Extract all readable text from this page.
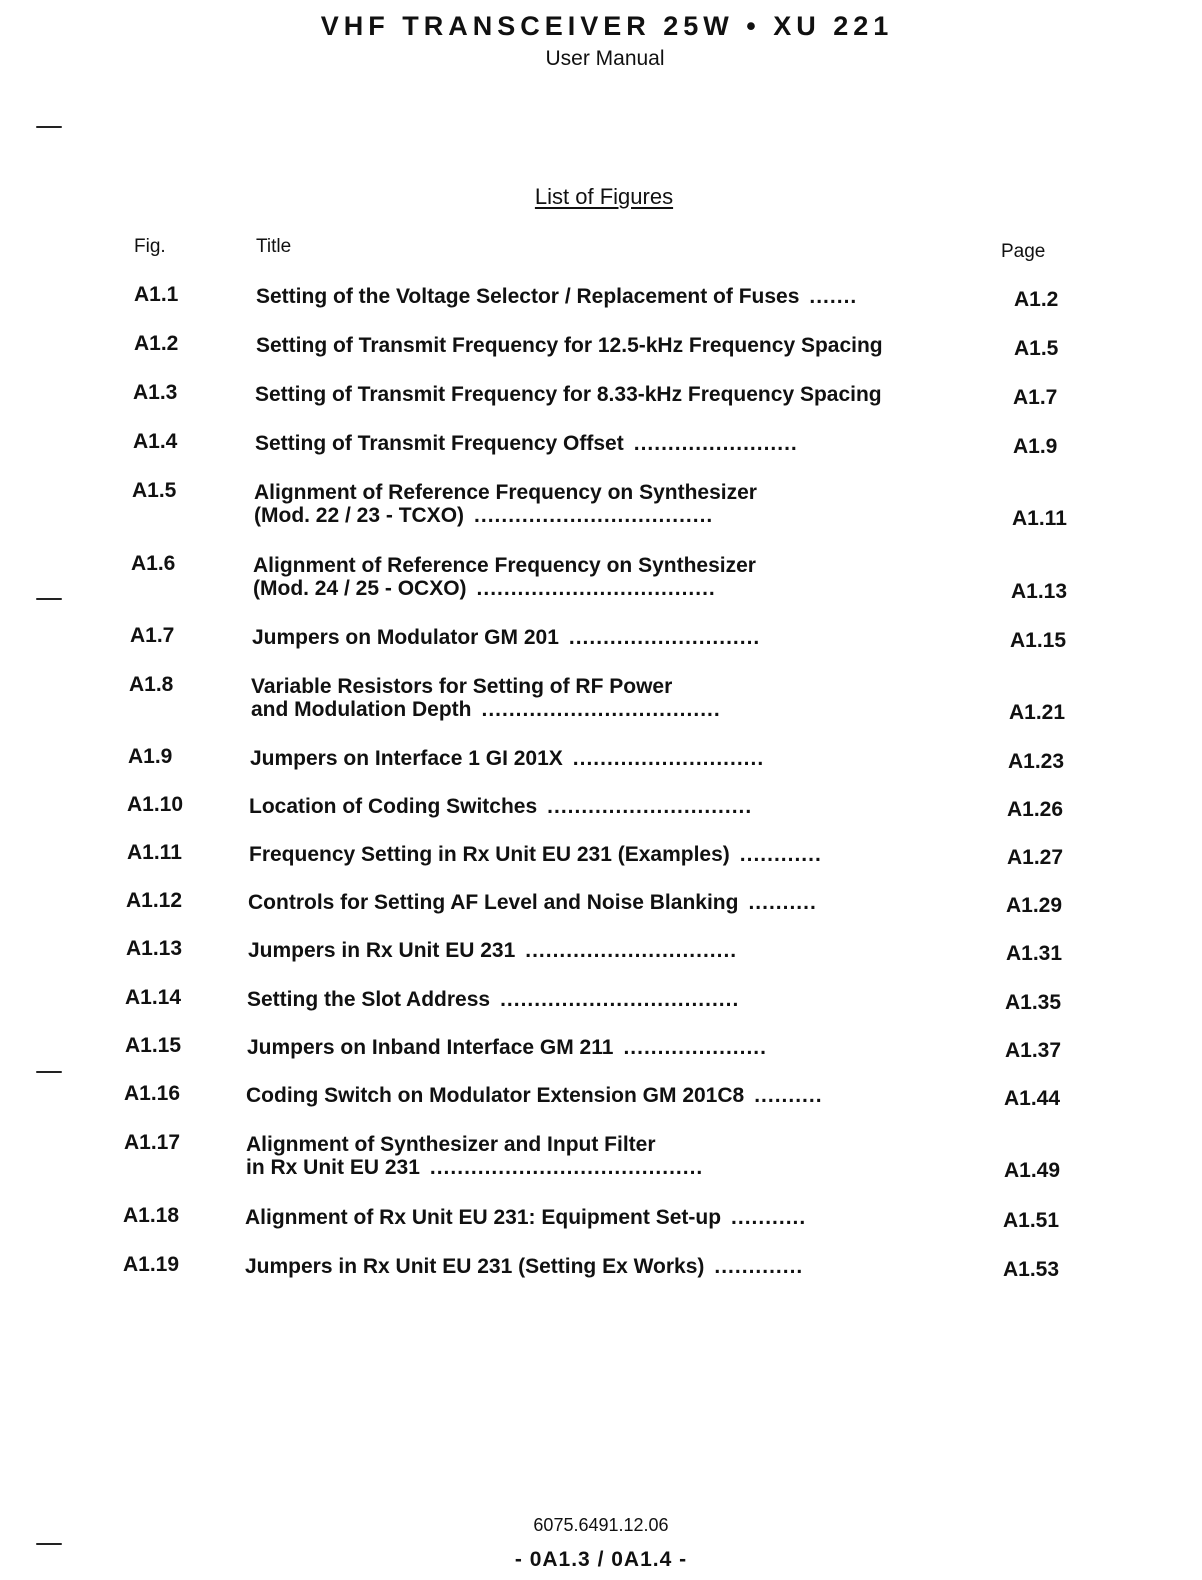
VHF TRANSCEIVER 25W • XU 221
User Manual
List of Figures
Fig.	Title	Page
A1.1	Setting of the Voltage Selector / Replacement of Fuses .......	A1.2
A1.2	Setting of Transmit Frequency for 12.5-kHz Frequency Spacing	A1.5
A1.3	Setting of Transmit Frequency for 8.33-kHz Frequency Spacing	A1.7
A1.4	Setting of Transmit Frequency Offset ........................	A1.9
A1.5	Alignment of Reference Frequency on Synthesizer
(Mod. 22 / 23 - TCXO) ...................................	A1.11
A1.6	Alignment of Reference Frequency on Synthesizer
(Mod. 24 / 25 - OCXO) ...................................	A1.13
A1.7	Jumpers on Modulator GM 201 ............................	A1.15
A1.8	Variable Resistors for Setting of RF Power
and Modulation Depth ...................................	A1.21
A1.9	Jumpers on Interface 1 GI 201X ............................	A1.23
A1.10	Location of Coding Switches ..............................	A1.26
A1.11	Frequency Setting in Rx Unit EU 231 (Examples) ............	A1.27
A1.12	Controls for Setting AF Level and Noise Blanking ..........	A1.29
A1.13	Jumpers in Rx Unit EU 231 ...............................	A1.31
A1.14	Setting the Slot Address ...................................	A1.35
A1.15	Jumpers on Inband Interface GM 211 .....................	A1.37
A1.16	Coding Switch on Modulator Extension GM 201C8 ..........	A1.44
A1.17	Alignment of Synthesizer and Input Filter
in Rx Unit EU 231 ........................................	A1.49
A1.18	Alignment of Rx Unit EU 231: Equipment Set-up ...........	A1.51
A1.19	Jumpers in Rx Unit EU 231 (Setting Ex Works) .............	A1.53
6075.6491.12.06
- 0A1.3 / 0A1.4 -
